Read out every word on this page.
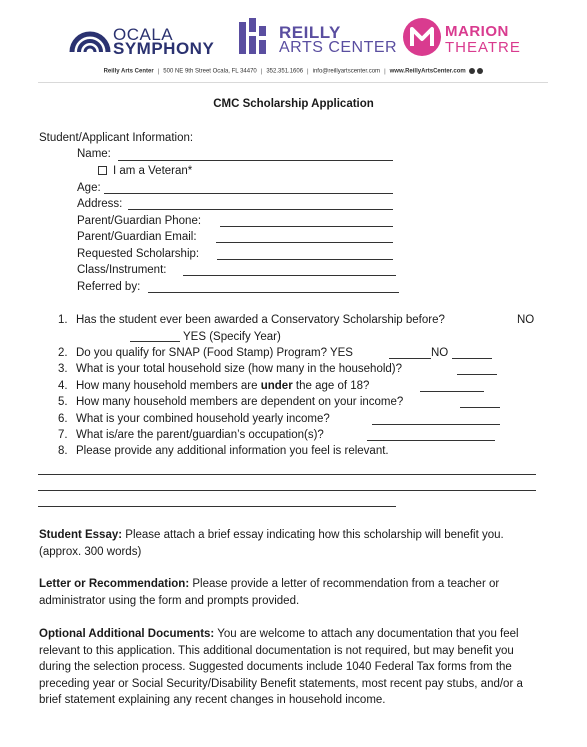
OCALA
SYMPHONY
REILLY
ARTS CENTER
MARION
THEATRE
Reilly Arts Center | 500 NE 9th Street Ocala, FL 34470 | 352.351.1606 | info@reillyartscenter.com | www.ReillyArtsCenter.com
CMC Scholarship Application
Student/Applicant Information:
Name:
I am a Veteran*
Age:
Address:
Parent/Guardian Phone:
Parent/Guardian Email:
Requested Scholarship:
Class/Instrument:
Referred by:
1. Has the student ever been awarded a Conservatory Scholarship before?	NO
YES (Specify Year)
2. Do you qualify for SNAP (Food Stamp) Program? YES	NO
3. What is your total household size (how many in the household)?
4. How many household members are under the age of 18?
5. How many household members are dependent on your income?
6. What is your combined household yearly income?
7. What is/are the parent/guardian’s occupation(s)?
8. Please provide any additional information you feel is relevant.
Student Essay: Please attach a brief essay indicating how this scholarship will benefit you. (approx. 300 words)
Letter or Recommendation: Please provide a letter of recommendation from a teacher or administrator using the form and prompts provided.
Optional Additional Documents: You are welcome to attach any documentation that you feel relevant to this application. This additional documentation is not required, but may benefit you during the selection process. Suggested documents include 1040 Federal Tax forms from the preceding year or Social Security/Disability Benefit statements, most recent pay stubs, and/or a brief statement explaining any recent changes in household income.
